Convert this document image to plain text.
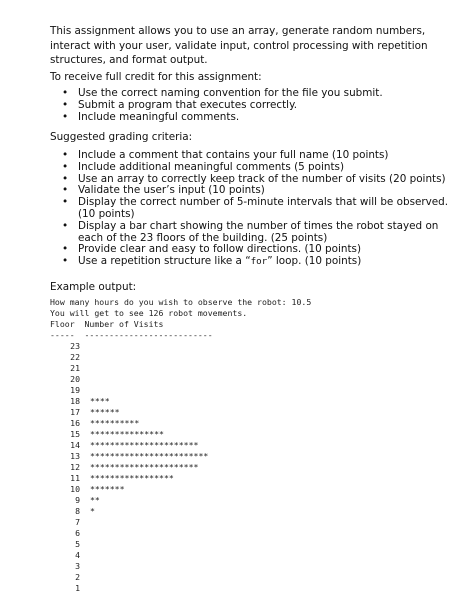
This assignment allows you to use an array, generate random numbers, interact with your user, validate input, control processing with repetition structures, and format output.

To receive full credit for this assignment:

• Use the correct naming convention for the file you submit.
• Submit a program that executes correctly.
• Include meaningful comments.

Suggested grading criteria:

• Include a comment that contains your full name (10 points)
• Include additional meaningful comments (5 points)
• Use an array to correctly keep track of the number of visits (20 points)
• Validate the user’s input (10 points)
• Display the correct number of 5-minute intervals that will be observed. (10 points)
• Display a bar chart showing the number of times the robot stayed on each of the 23 floors of the building. (25 points)
• Provide clear and easy to follow directions. (10 points)
• Use a repetition structure like a “for” loop. (10 points)

Example output:

How many hours do you wish to observe the robot: 10.5
You will get to see 126 robot movements.
Floor  Number of Visits
-----  --------------------------
23
22
21
20
19
18 ****
17 ******
16 **********
15 ***************
14 **********************
13 ************************
12 **********************
11 *****************
10 *******
9 **
8 *
7
6
5
4
3
2
1
